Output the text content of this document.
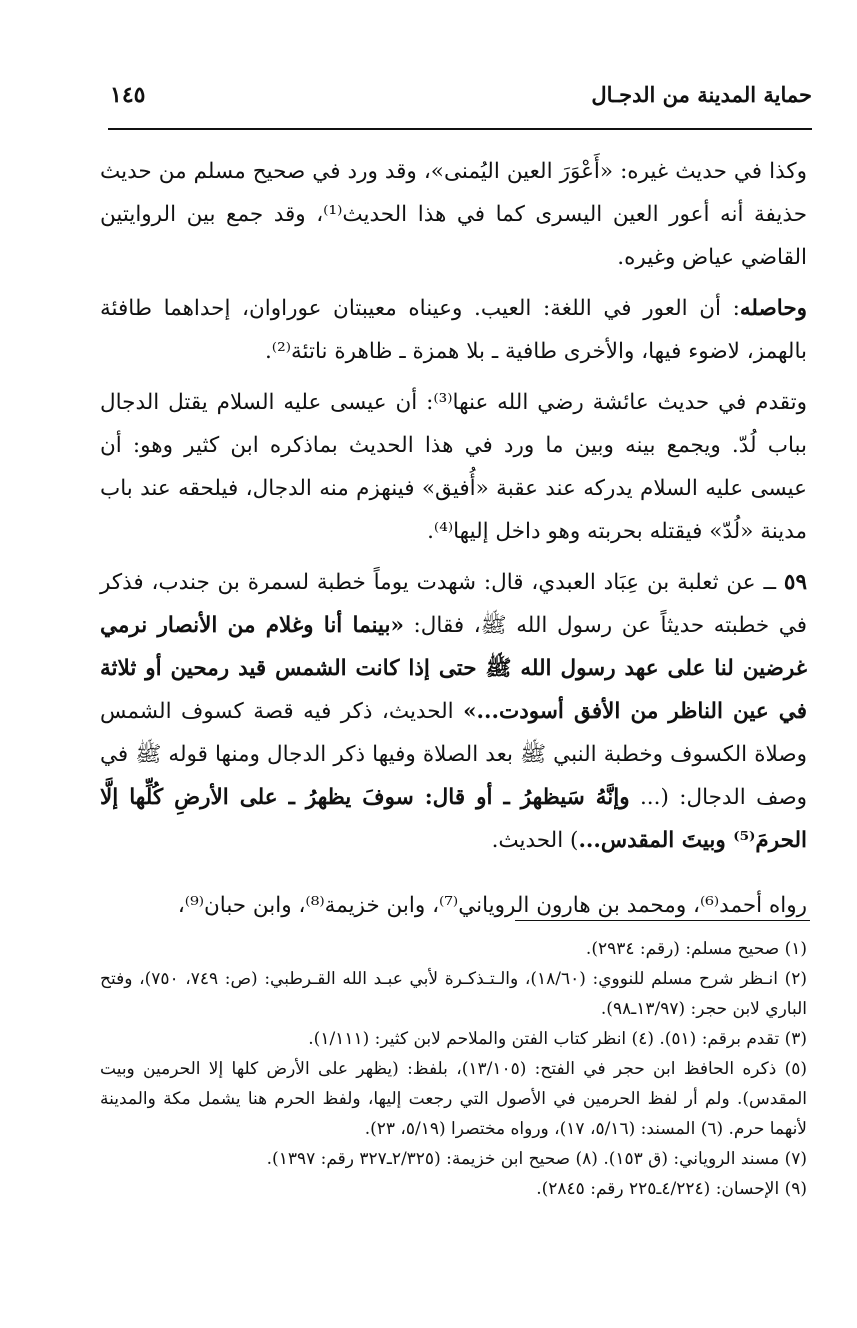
حماية المدينة من الدجـال
١٤٥

وكذا في حديث غيره: «أَعْوَرَ العين اليُمنى»، وقد ورد في صحيح مسلم من حديث حذيفة أنه أعور العين اليسرى كما في هذا الحديث⁽¹⁾، وقد جمع بين الروايتين القاضي عياض وغيره.

وحاصله: أن العور في اللغة: العيب. وعيناه معيبتان عوراوان، إحداهما طافئة بالهمز، لاضوء فيها، والأخرى طافية ـ بلا همزة ـ ظاهرة ناتئة⁽²⁾.

وتقدم في حديث عائشة رضي الله عنها⁽³⁾: أن عيسى عليه السلام يقتل الدجال بباب لُدّ. ويجمع بينه وبين ما ورد في هذا الحديث بماذكره ابن كثير وهو: أن عيسى عليه السلام يدركه عند عقبة «أُفيق» فينهزم منه الدجال، فيلحقه عند باب مدينة «لُدّ» فيقتله بحربته وهو داخل إليها⁽⁴⁾.

٥٩ ــ عن ثعلبة بن عِبَاد العبدي، قال: شهدت يوماً خطبة لسمرة بن جندب، فذكر في خطبته حديثاً عن رسول الله ﷺ، فقال: «بينما أنا وغلام من الأنصار نرمي غرضين لنا على عهد رسول الله ﷺ حتى إذا كانت الشمس قيد رمحين أو ثلاثة في عين الناظر من الأفق أسودت...» الحديث، ذكر فيه قصة كسوف الشمس وصلاة الكسوف وخطبة النبي ﷺ بعد الصلاة وفيها ذكر الدجال ومنها قوله ﷺ في وصف الدجال: (... وإنَّهُ سَيظهرُ ـ أو قال: سوفَ يظهرُ ـ على الأرضِ كُلِّها إلَّا الحرمَ⁽⁵⁾ وبيتَ المقدس...) الحديث.

رواه أحمد⁽⁶⁾، ومحمد بن هارون الروياني⁽⁷⁾، وابن خزيمة⁽⁸⁾، وابن حبان⁽⁹⁾،

(١) صحيح مسلم: (رقم: ٢٩٣٤).

(٢) انـظر شرح مسلم للنووي: (١٨/٦٠)، والـتـذكـرة لأبي عبـد الله القـرطبي: (ص: ٧٤٩، ٧٥٠)، وفتح الباري لابن حجر: (١٣/٩٧ـ٩٨).

(٣) تقدم برقم: (٥١). (٤) انظر كتاب الفتن والملاحم لابن كثير: (١/١١١).

(٥) ذكره الحافظ ابن حجر في الفتح: (١٣/١٠٥)، بلفظ: (يظهر على الأرض كلها إلا الحرمين وبيت المقدس). ولم أر لفظ الحرمين في الأصول التي رجعت إليها، ولفظ الحرم هنا يشمل مكة والمدينة لأنهما حرم. (٦) المسند: (٥/١٦، ١٧)، ورواه مختصرا (٥/١٩، ٢٣).

(٧) مسند الروياني: (ق ١٥٣). (٨) صحيح ابن خزيمة: (٢/٣٢٥ـ٣٢٧ رقم: ١٣٩٧).

(٩) الإحسان: (٤/٢٢٤ـ٢٢٥ رقم: ٢٨٤٥).
